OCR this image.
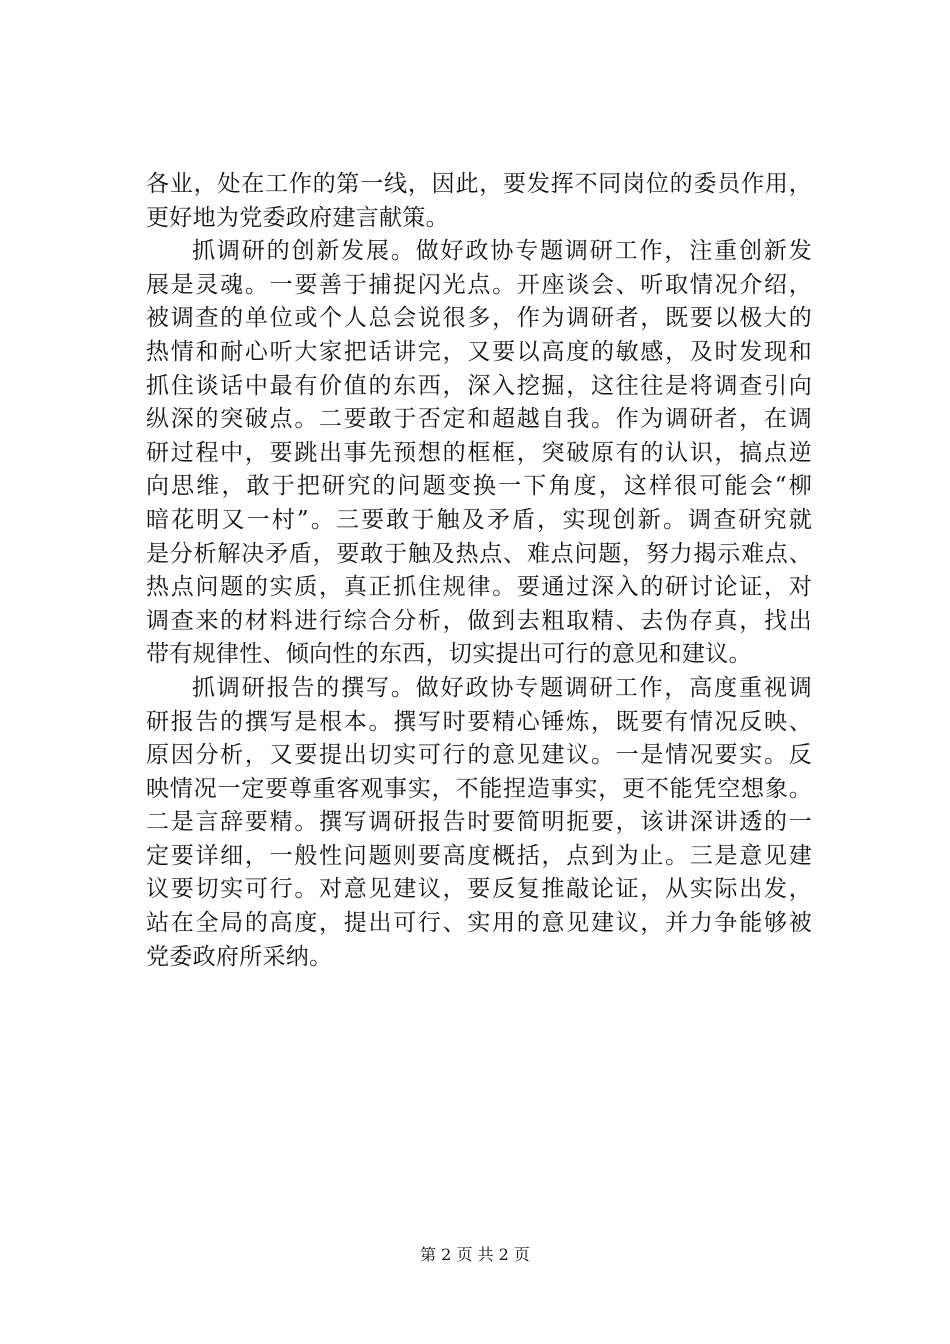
各业，处在工作的第一线，因此，要发挥不同岗位的委员作用，
更好地为党委政府建言献策。
抓调研的创新发展。做好政协专题调研工作，注重创新发
展是灵魂。一要善于捕捉闪光点。开座谈会、听取情况介绍，
被调查的单位或个人总会说很多，作为调研者，既要以极大的
热情和耐心听大家把话讲完，又要以高度的敏感，及时发现和
抓住谈话中最有价值的东西，深入挖掘，这往往是将调查引向
纵深的突破点。二要敢于否定和超越自我。作为调研者，在调
研过程中，要跳出事先预想的框框，突破原有的认识，搞点逆
向思维，敢于把研究的问题变换一下角度，这样很可能会“柳
暗花明又一村”。三要敢于触及矛盾，实现创新。调查研究就
是分析解决矛盾，要敢于触及热点、难点问题，努力揭示难点、
热点问题的实质，真正抓住规律。要通过深入的研讨论证，对
调查来的材料进行综合分析，做到去粗取精、去伪存真，找出
带有规律性、倾向性的东西，切实提出可行的意见和建议。
抓调研报告的撰写。做好政协专题调研工作，高度重视调
研报告的撰写是根本。撰写时要精心锤炼，既要有情况反映、
原因分析，又要提出切实可行的意见建议。一是情况要实。反
映情况一定要尊重客观事实，不能捏造事实，更不能凭空想象。
二是言辞要精。撰写调研报告时要简明扼要，该讲深讲透的一
定要详细，一般性问题则要高度概括，点到为止。三是意见建
议要切实可行。对意见建议，要反复推敲论证，从实际出发，
站在全局的高度，提出可行、实用的意见建议，并力争能够被
党委政府所采纳。
第 2 页 共 2 页
